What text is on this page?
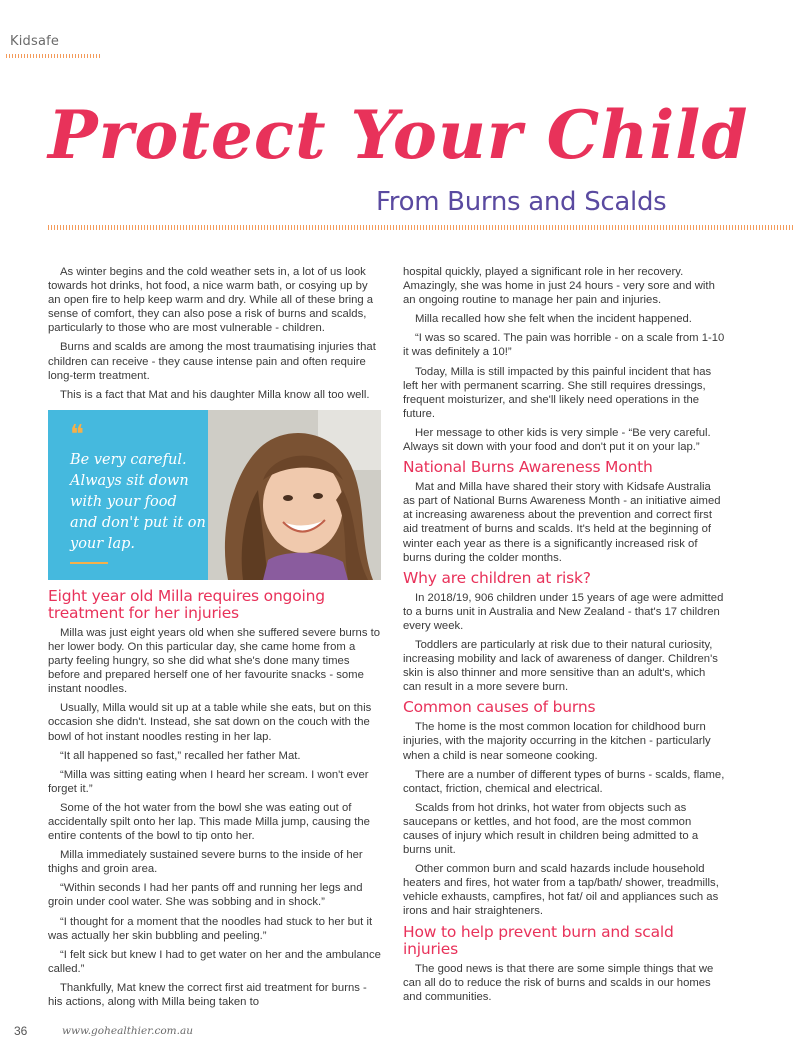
Kidsafe
Protect Your Child
From Burns and Scalds

As winter begins and the cold weather sets in, a lot of us look towards hot drinks, hot food, a nice warm bath, or cosying up by an open fire to help keep warm and dry. While all of these bring a sense of comfort, they can also pose a risk of burns and scalds, particularly to those who are most vulnerable - children.

Burns and scalds are among the most traumatising injuries that children can receive - they cause intense pain and often require long-term treatment.

This is a fact that Mat and his daughter Milla know all too well.

❝
Be very careful. Always sit down with your food and don't put it on your lap.
Eight year old Milla requires ongoing treatment for her injuries

Milla was just eight years old when she suffered severe burns to her lower body. On this particular day, she came home from a party feeling hungry, so she did what she's done many times before and prepared herself one of her favourite snacks - some instant noodles.

Usually, Milla would sit up at a table while she eats, but on this occasion she didn't. Instead, she sat down on the couch with the bowl of hot instant noodles resting in her lap.

“It all happened so fast,” recalled her father Mat.

“Milla was sitting eating when I heard her scream. I won't ever forget it.”

Some of the hot water from the bowl she was eating out of accidentally spilt onto her lap. This made Milla jump, causing the entire contents of the bowl to tip onto her.

Milla immediately sustained severe burns to the inside of her thighs and groin area.

“Within seconds I had her pants off and running her legs and groin under cool water. She was sobbing and in shock.”

“I thought for a moment that the noodles had stuck to her but it was actually her skin bubbling and peeling.”

“I felt sick but knew I had to get water on her and the ambulance called.”

Thankfully, Mat knew the correct first aid treatment for burns - his actions, along with Milla being taken to

hospital quickly, played a significant role in her recovery. Amazingly, she was home in just 24 hours - very sore and with an ongoing routine to manage her pain and injuries.

Milla recalled how she felt when the incident happened.

“I was so scared. The pain was horrible - on a scale from 1-10 it was definitely a 10!”

Today, Milla is still impacted by this painful incident that has left her with permanent scarring. She still requires dressings, frequent moisturizer, and she'll likely need operations in the future.

Her message to other kids is very simple - “Be very careful. Always sit down with your food and don't put it on your lap.”

National Burns Awareness Month

Mat and Milla have shared their story with Kidsafe Australia as part of National Burns Awareness Month - an initiative aimed at increasing awareness about the prevention and correct first aid treatment of burns and scalds. It's held at the beginning of winter each year as there is a significantly increased risk of burns during the colder months.

Why are children at risk?

In 2018/19, 906 children under 15 years of age were admitted to a burns unit in Australia and New Zealand - that's 17 children every week.

Toddlers are particularly at risk due to their natural curiosity, increasing mobility and lack of awareness of danger. Children's skin is also thinner and more sensitive than an adult's, which can result in a more severe burn.

Common causes of burns

The home is the most common location for childhood burn injuries, with the majority occurring in the kitchen - particularly when a child is near someone cooking.

There are a number of different types of burns - scalds, flame, contact, friction, chemical and electrical.

Scalds from hot drinks, hot water from objects such as saucepans or kettles, and hot food, are the most common causes of injury which result in children being admitted to a burns unit.

Other common burn and scald hazards include household heaters and fires, hot water from a tap/bath/ shower, treadmills, vehicle exhausts, campfires, hot fat/ oil and appliances such as irons and hair straighteners.

How to help prevent burn and scald injuries

The good news is that there are some simple things that we can all do to reduce the risk of burns and scalds in our homes and communities.

36	www.gohealthier.com.au
